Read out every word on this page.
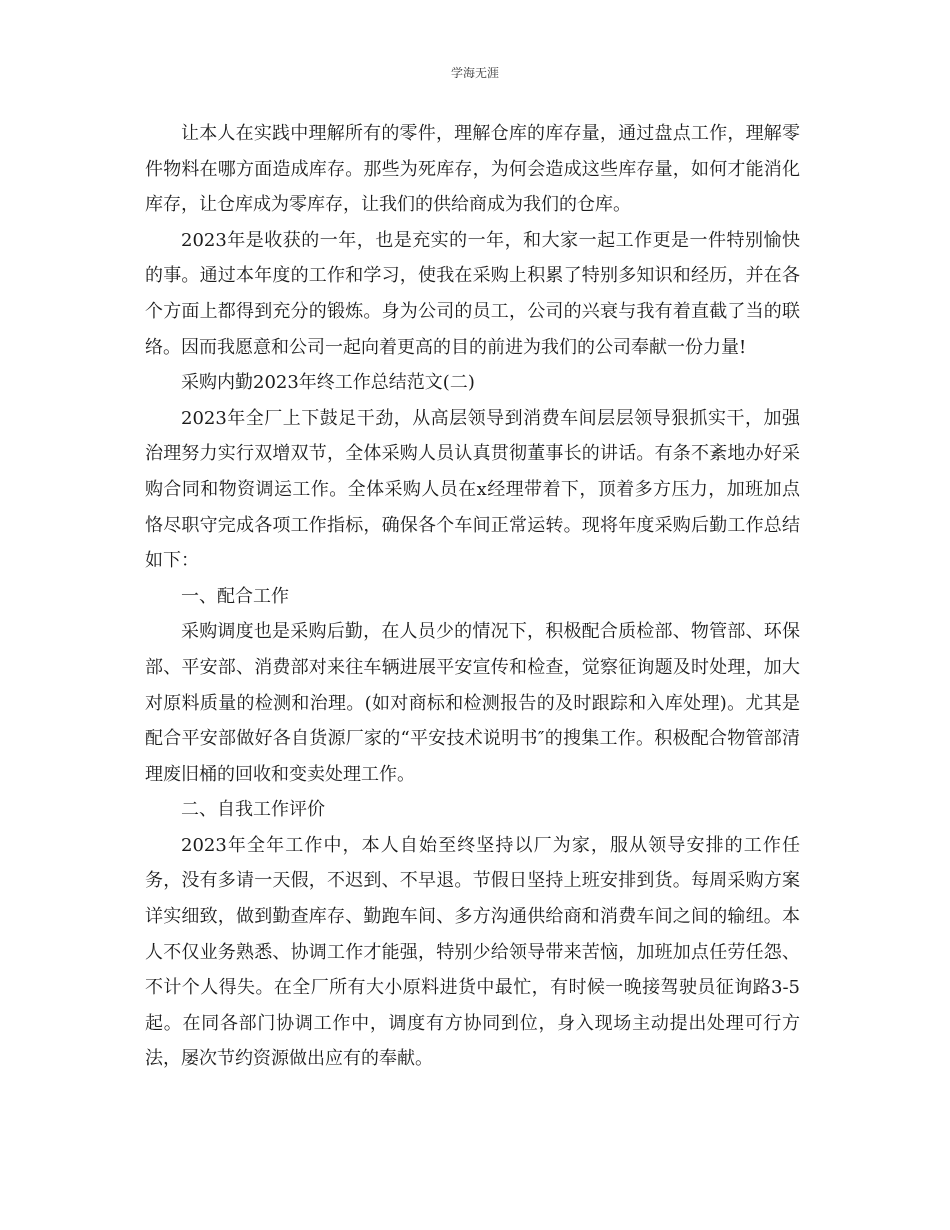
学海无涯

让本人在实践中理解所有的零件，理解仓库的库存量，通过盘点工作，理解零件物料在哪方面造成库存。那些为死库存，为何会造成这些库存量，如何才能消化库存，让仓库成为零库存，让我们的供给商成为我们的仓库。

2023年是收获的一年，也是充实的一年，和大家一起工作更是一件特别愉快的事。通过本年度的工作和学习，使我在采购上积累了特别多知识和经历，并在各个方面上都得到充分的锻炼。身为公司的员工，公司的兴衰与我有着直截了当的联络。因而我愿意和公司一起向着更高的目的前进为我们的公司奉献一份力量!

采购内勤2023年终工作总结范文(二)

2023年全厂上下鼓足干劲，从高层领导到消费车间层层领导狠抓实干，加强治理努力实行双增双节，全体采购人员认真贯彻董事长的讲话。有条不紊地办好采购合同和物资调运工作。全体采购人员在x经理带着下，顶着多方压力，加班加点恪尽职守完成各项工作指标，确保各个车间正常运转。现将年度采购后勤工作总结如下：

一、配合工作

采购调度也是采购后勤，在人员少的情况下，积极配合质检部、物管部、环保部、平安部、消费部对来往车辆进展平安宣传和检查，觉察征询题及时处理，加大对原料质量的检测和治理。(如对商标和检测报告的及时跟踪和入库处理)。尤其是配合平安部做好各自货源厂家的“平安技术说明书″的搜集工作。积极配合物管部清理废旧桶的回收和变卖处理工作。

二、自我工作评价

2023年全年工作中，本人自始至终坚持以厂为家，服从领导安排的工作任务，没有多请一天假，不迟到、不早退。节假日坚持上班安排到货。每周采购方案详实细致，做到勤查库存、勤跑车间、多方沟通供给商和消费车间之间的输纽。本人不仅业务熟悉、协调工作才能强，特别少给领导带来苦恼，加班加点任劳任怨、不计个人得失。在全厂所有大小原料进货中最忙，有时候一晚接驾驶员征询路3-5起。在同各部门协调工作中，调度有方协同到位，身入现场主动提出处理可行方法，屡次节约资源做出应有的奉献。
